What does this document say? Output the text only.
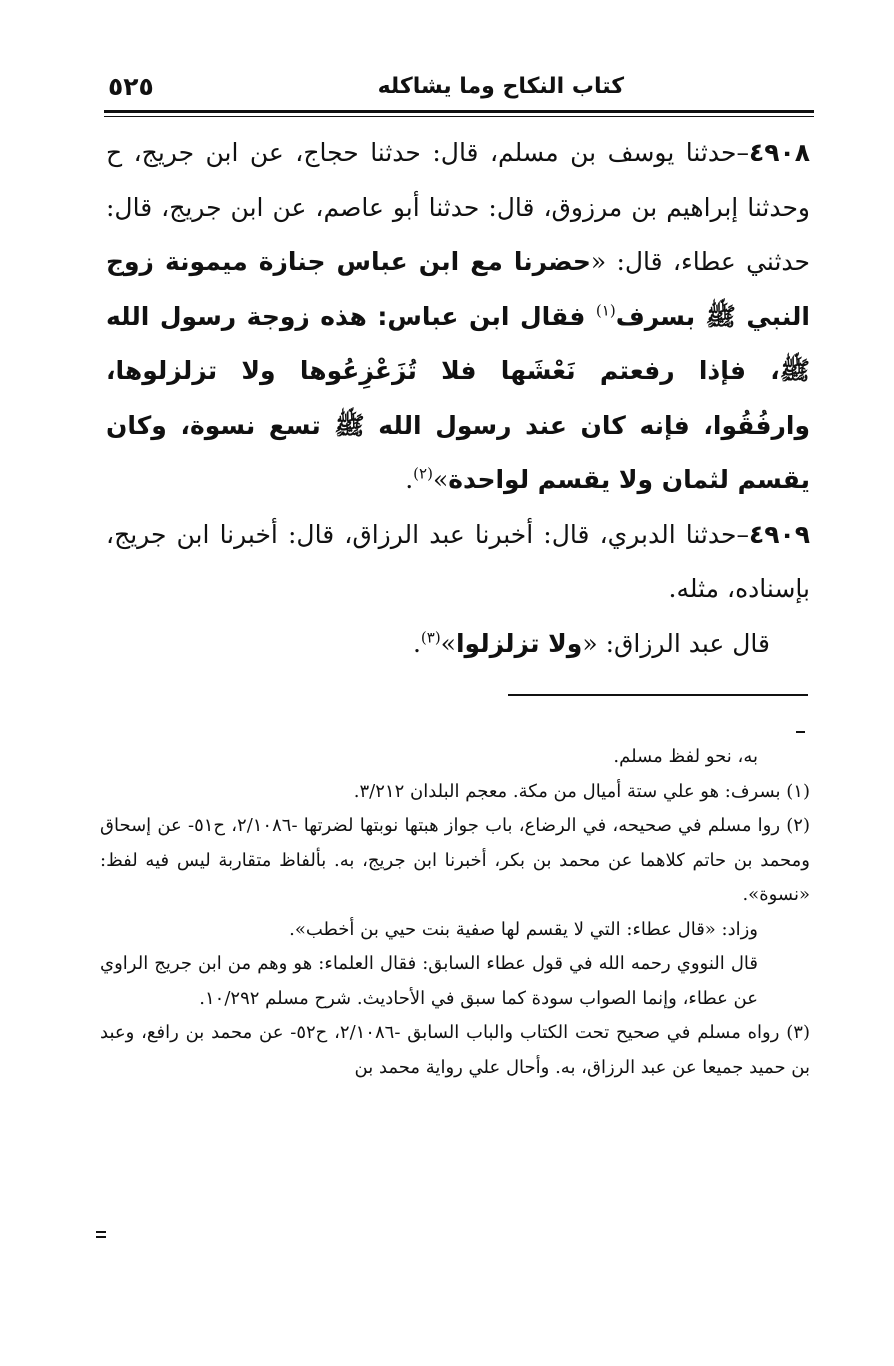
كتاب النكاح وما يشاكله
٥٢٥

٤٩٠٨–حدثنا يوسف بن مسلم، قال: حدثنا حجاج، عن ابن جريج، ح وحدثنا إبراهيم بن مرزوق، قال: حدثنا أبو عاصم، عن ابن جريج، قال: حدثني عطاء، قال: «حضرنا مع ابن عباس جنازة ميمونة زوج النبي ﷺ بسرف$^{(١)}$ فقال ابن عباس: هذه زوجة رسول الله ﷺ، فإذا رفعتم نَعْشَها فلا تُزَعْزِعُوها ولا تزلزلوها، وارفُقُوا، فإنه كان عند رسول الله ﷺ تسع نسوة، وكان يقسم لثمان ولا يقسم لواحدة»$^{(٢)}$.

٤٩٠٩–حدثنا الدبري، قال: أخبرنا عبد الرزاق، قال: أخبرنا ابن جريج، بإسناده، مثله.

قال عبد الرزاق: «ولا تزلزلوا»$^{(٣)}$.

به، نحو لفظ مسلم.

(١) بسرف: هو علي ستة أميال من مكة. معجم البلدان ٣/٢١٢.

(٢) روا مسلم في صحيحه، في الرضاع، باب جواز هبتها نوبتها لضرتها -٢/١٠٨٦، ح٥١- عن إسحاق ومحمد بن حاتم كلاهما عن محمد بن بكر، أخبرنا ابن جريج، به. بألفاظ متقاربة ليس فيه لفظ: «نسوة».

وزاد: «قال عطاء: التي لا يقسم لها صفية بنت حيي بن أخطب».

قال النووي رحمه الله في قول عطاء السابق: فقال العلماء: هو وهم من ابن جريج الراوي عن عطاء، وإنما الصواب سودة كما سبق في الأحاديث. شرح مسلم ١٠/٢٩٢.

(٣) رواه مسلم في صحيح تحت الكتاب والباب السابق -٢/١٠٨٦، ح٥٢- عن محمد بن رافع، وعبد بن حميد جميعا عن عبد الرزاق، به. وأحال علي رواية محمد بن
